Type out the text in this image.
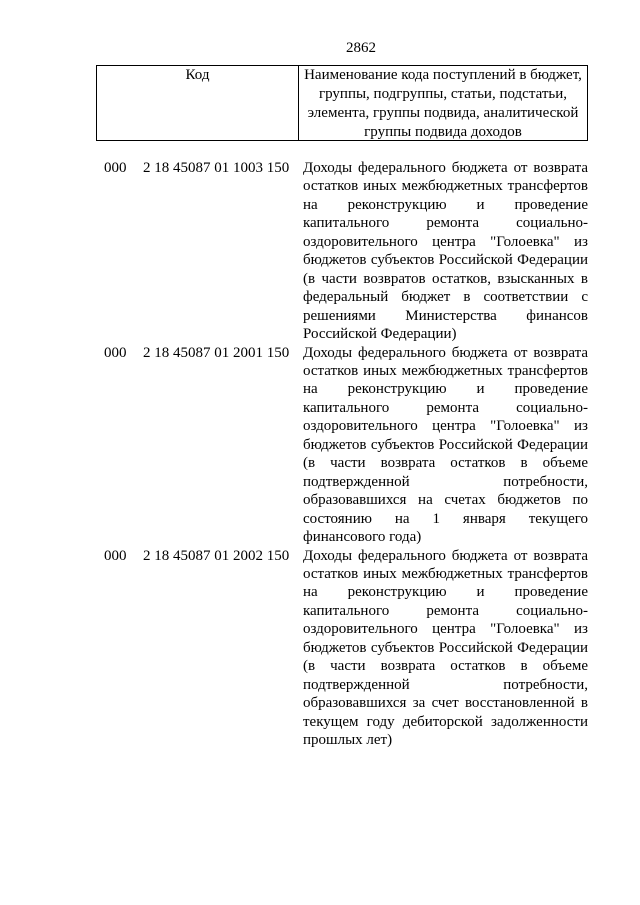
2862
Код	Наименование кода поступлений в бюджет,
группы, подгруппы, статьи, подстатьи,
элемента, группы подвида, аналитической
группы подвида доходов
000	2 18 45087 01 1003 150 Доходы федерального бюджета от возврата
остатков иных межбюджетных трансфертов
на реконструкцию и проведение
капитального ремонта социально-
оздоровительного центра "Голоевка" из
бюджетов субъектов Российской Федерации
(в части возвратов остатков, взысканных в
федеральный бюджет в соответствии с
решениями Министерства финансов
Российской Федерации)
000	2 18 45087 01 2001 150 Доходы федерального бюджета от возврата
остатков иных межбюджетных трансфертов
на реконструкцию и проведение
капитального ремонта социально-
оздоровительного центра "Голоевка" из
бюджетов субъектов Российской Федерации
(в части возврата остатков в объеме
подтвержденной потребности,
образовавшихся на счетах бюджетов по
состоянию на 1 января текущего
финансового года)
000	2 18 45087 01 2002 150 Доходы федерального бюджета от возврата
остатков иных межбюджетных трансфертов
на реконструкцию и проведение
капитального ремонта социально-
оздоровительного центра "Голоевка" из
бюджетов субъектов Российской Федерации
(в части возврата остатков в объеме
подтвержденной потребности,
образовавшихся за счет восстановленной в
текущем году дебиторской задолженности
прошлых лет)
